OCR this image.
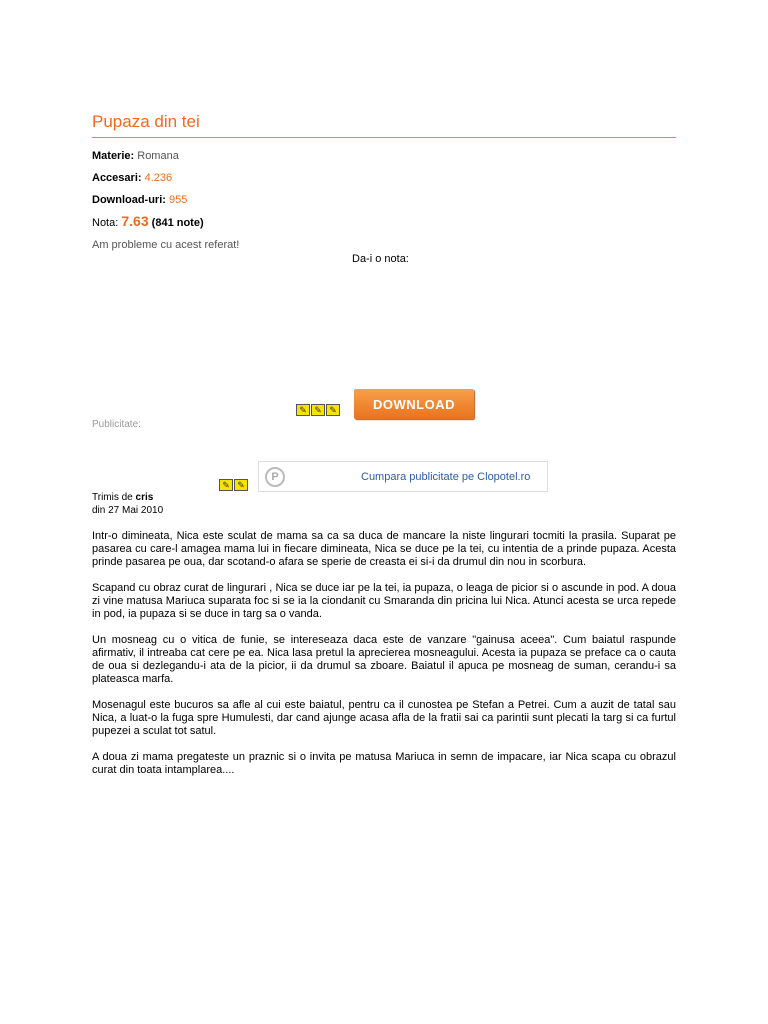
Pupaza din tei
Materie: Romana
Accesari: 4.236
Download-uri: 955
Nota: 7.63 (841 note)
Am probleme cu acest referat!
Da-i o nota:
✎ ✎ ✎	DOWNLOAD
Publicitate:
P	Cumpara publicitate pe Clopotel.ro
✎ ✎
Trimis de cris
din 27 Mai 2010

Intr-o dimineata, Nica este sculat de mama sa ca sa duca de mancare la niste lingurari tocmiti la prasila. Suparat pe pasarea cu care-l amagea mama lui in fiecare dimineata, Nica se duce pe la tei, cu intentia de a prinde pupaza. Acesta prinde pasarea pe oua, dar scotand-o afara se sperie de creasta ei si-i da drumul din nou in scorbura.

Scapand cu obraz curat de lingurari , Nica se duce iar pe la tei, ia pupaza, o leaga de picior si o ascunde in pod. A doua zi vine matusa Mariuca suparata foc si se ia la ciondanit cu Smaranda din pricina lui Nica. Atunci acesta se urca repede in pod, ia pupaza si se duce in targ sa o vanda.

Un mosneag cu o vitica de funie, se intereseaza daca este de vanzare "gainusa aceea". Cum baiatul raspunde afirmativ, il intreaba cat cere pe ea. Nica lasa pretul la aprecierea mosneagului. Acesta ia pupaza se preface ca o cauta de oua si dezlegandu-i ata de la picior, ii da drumul sa zboare. Baiatul il apuca pe mosneag de suman, cerandu-i sa plateasca marfa.

Mosenagul este bucuros sa afle al cui este baiatul, pentru ca il cunostea pe Stefan a Petrei. Cum a auzit de tatal sau Nica, a luat-o la fuga spre Humulesti, dar cand ajunge acasa afla de la fratii sai ca parintii sunt plecati la targ si ca furtul pupezei a sculat tot satul.

A doua zi mama pregateste un praznic si o invita pe matusa Mariuca in semn de impacare, iar Nica scapa cu obrazul curat din toata intamplarea....
